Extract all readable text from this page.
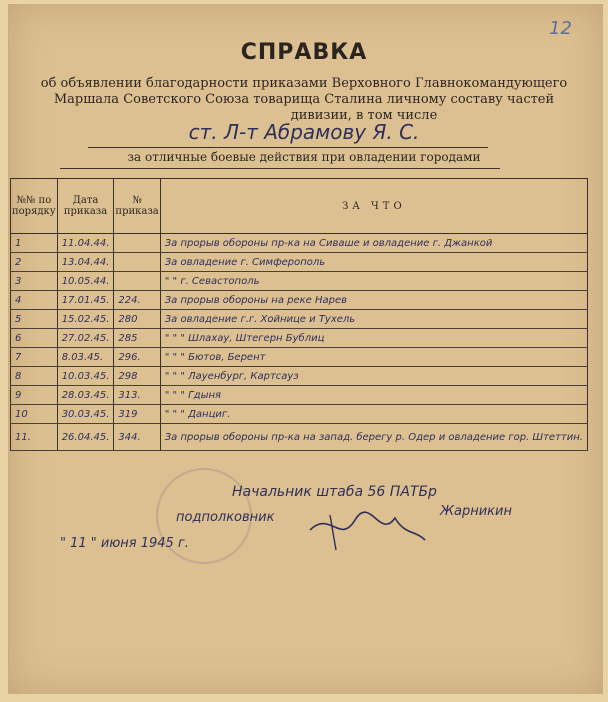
12
СПРАВКА
об объявлении благодарности приказами Верховного Главнокомандующего
Маршала Советского Союза товарища Сталина личному составу частей
дивизии, в том числе
ст. Л-т Абрамову Я. С.
за отличные боевые действия при овладении городами
№№ по порядку	Дата приказа	№ приказа	ЗА ЧТО
1	11.04.44.		За прорыв обороны пр-ка на Сиваше и овладение г. Джанкой
2	13.04.44.		За овладение г. Симферополь
3	10.05.44.		" " г. Севастополь
4	17.01.45.	224.	За прорыв обороны на реке Нарев
5	15.02.45.	280	За овладение г.г. Хойнице и Тухель
6	27.02.45.	285	" " " Шлахау, Штегерн Бублиц
7	8.03.45.	296.	" " " Бютов, Берент
8	10.03.45.	298	" " " Лауенбург, Картсауз
9	28.03.45.	313.	" " " Гдыня
10	30.03.45.	319	" " " Данциг.
11.	26.04.45.	344.	За прорыв обороны пр-ка на запад. берегу р. Одер и овладение гор. Штеттин.
Начальник штаба 56 ПАТБр
подполковник	Жарникин
" 11 " июня 1945 г.
